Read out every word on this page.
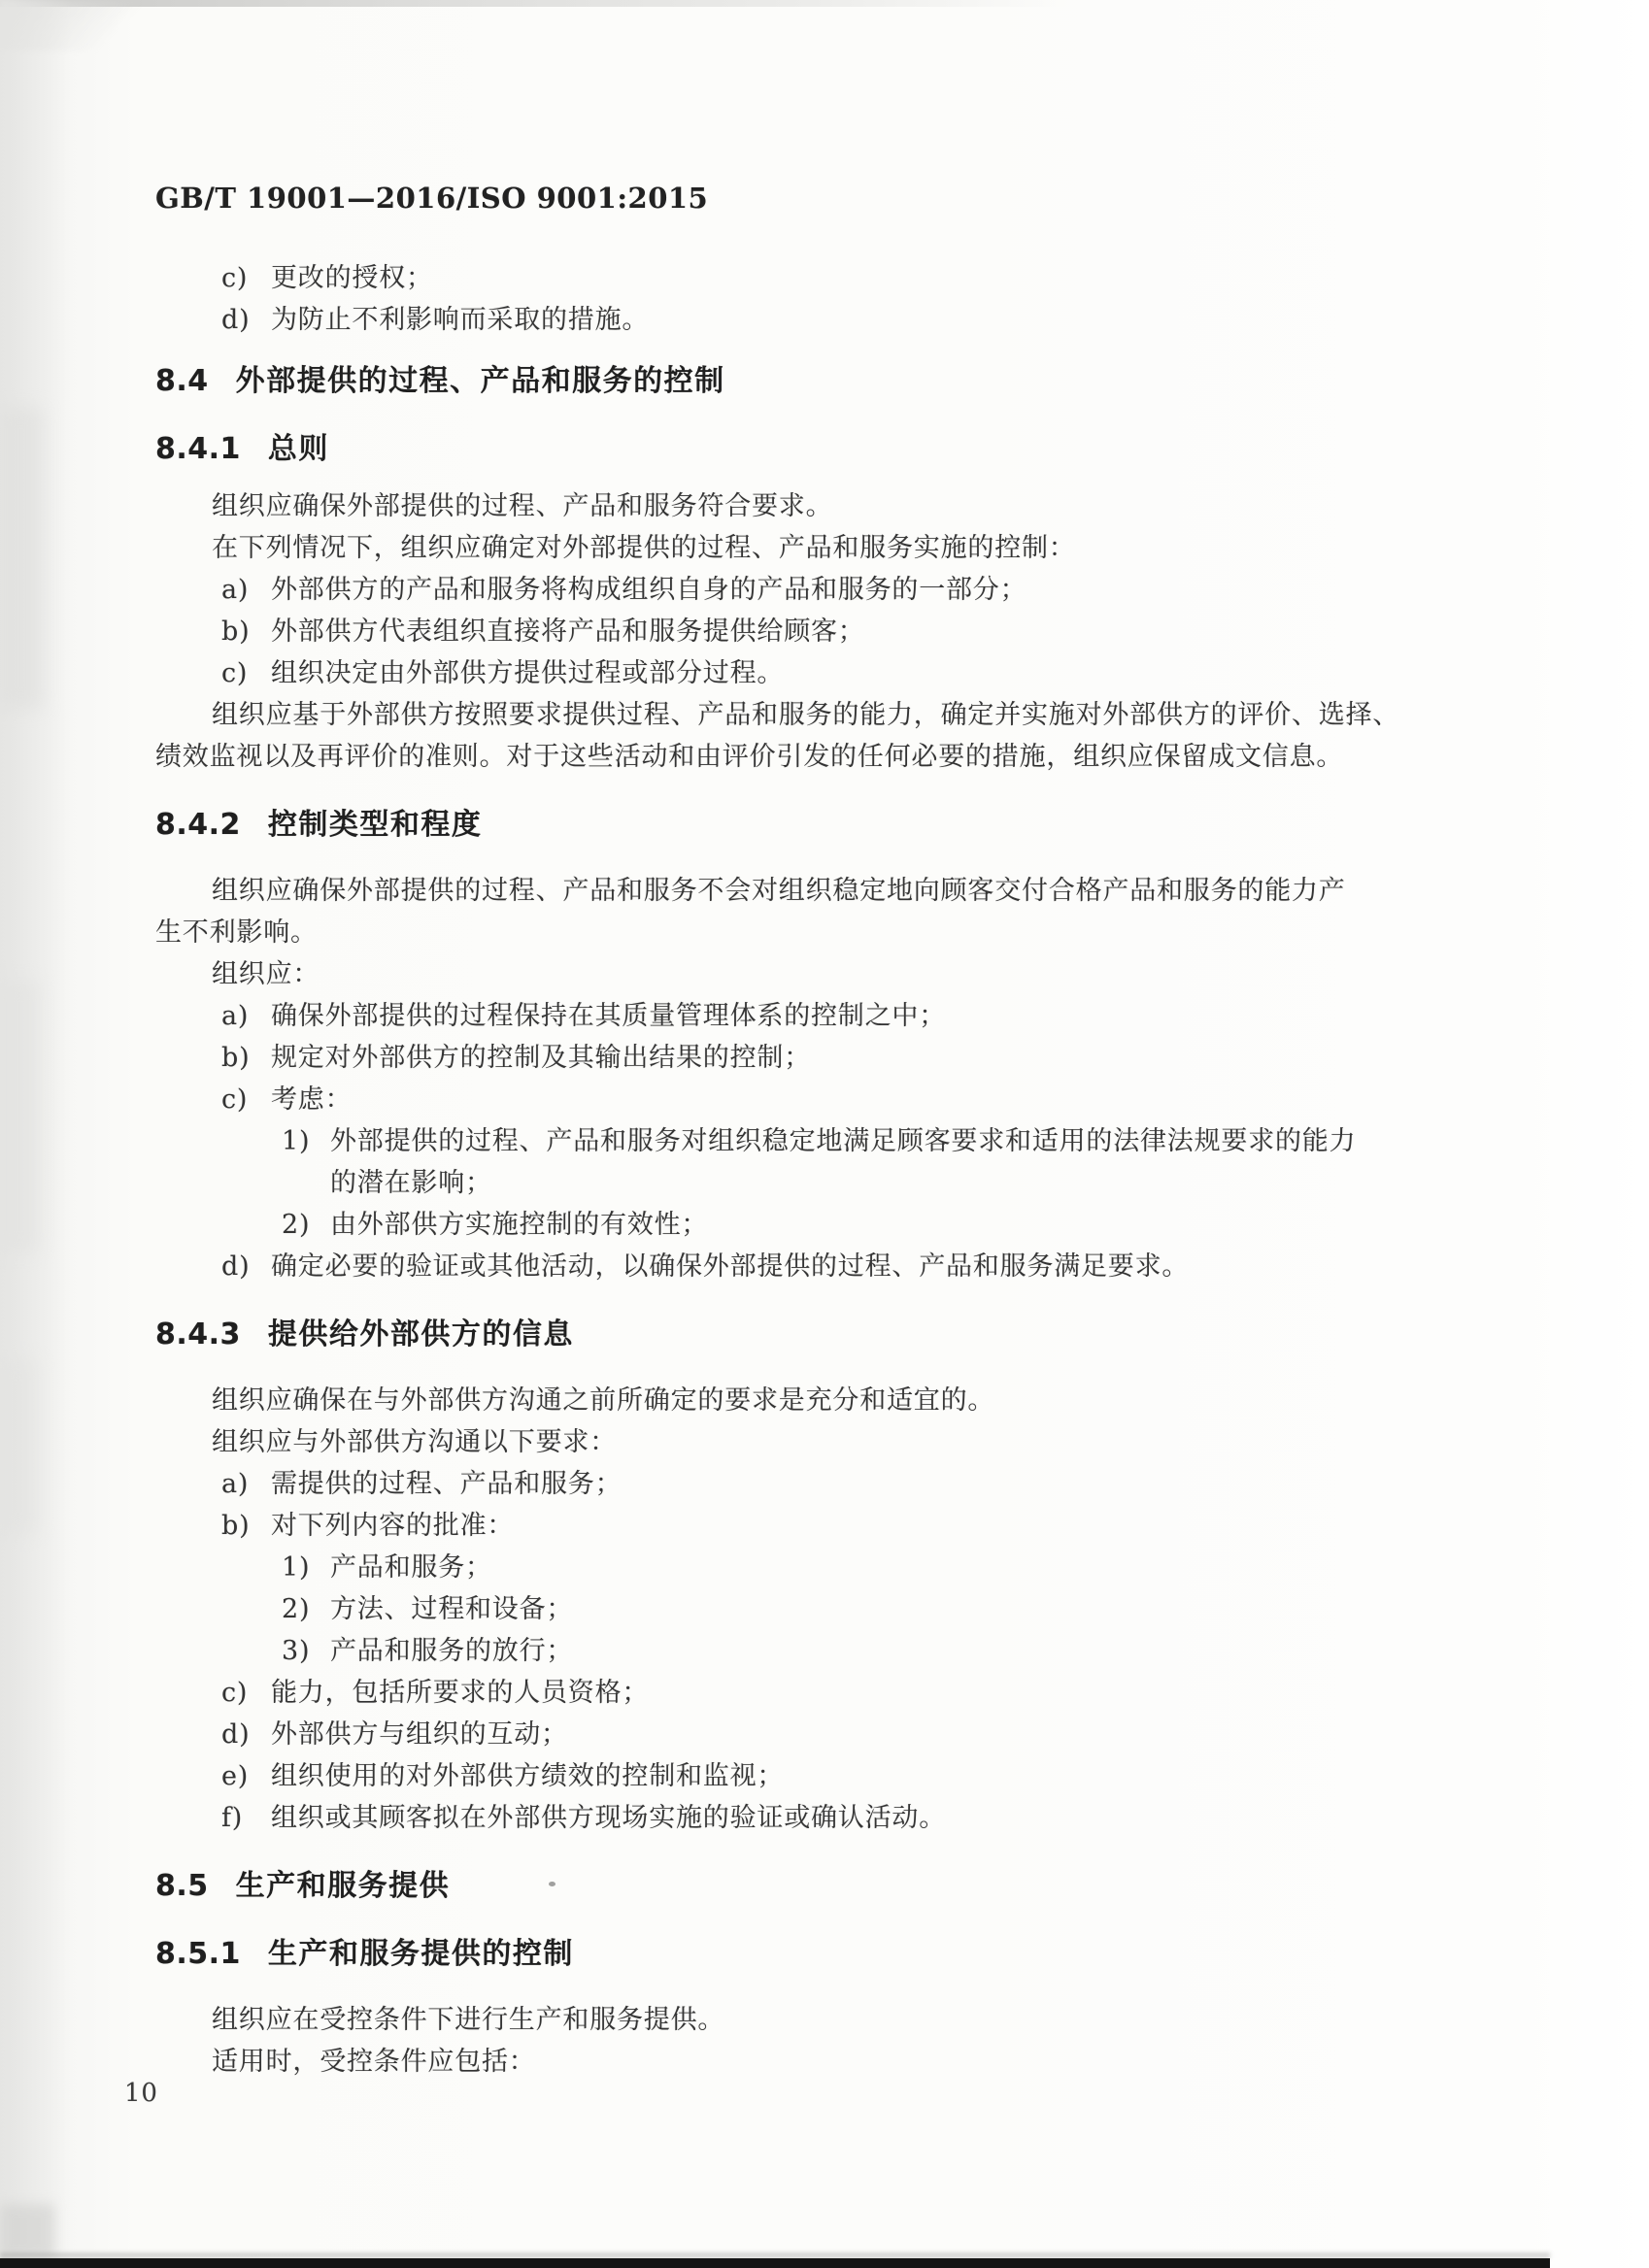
GB/T 19001—2016/ISO 9001:2015
c) 更改的授权；
d) 为防止不利影响而采取的措施。
8.4 外部提供的过程、产品和服务的控制
8.4.1 总则
组织应确保外部提供的过程、产品和服务符合要求。
在下列情况下，组织应确定对外部提供的过程、产品和服务实施的控制：
a) 外部供方的产品和服务将构成组织自身的产品和服务的一部分；
b) 外部供方代表组织直接将产品和服务提供给顾客；
c) 组织决定由外部供方提供过程或部分过程。
组织应基于外部供方按照要求提供过程、产品和服务的能力，确定并实施对外部供方的评价、选择、
绩效监视以及再评价的准则。对于这些活动和由评价引发的任何必要的措施，组织应保留成文信息。
8.4.2 控制类型和程度
组织应确保外部提供的过程、产品和服务不会对组织稳定地向顾客交付合格产品和服务的能力产
生不利影响。
组织应：
a) 确保外部提供的过程保持在其质量管理体系的控制之中；
b) 规定对外部供方的控制及其输出结果的控制；
c) 考虑：
1) 外部提供的过程、产品和服务对组织稳定地满足顾客要求和适用的法律法规要求的能力
的潜在影响；
2) 由外部供方实施控制的有效性；
d) 确定必要的验证或其他活动，以确保外部提供的过程、产品和服务满足要求。
8.4.3 提供给外部供方的信息
组织应确保在与外部供方沟通之前所确定的要求是充分和适宜的。
组织应与外部供方沟通以下要求：
a) 需提供的过程、产品和服务；
b) 对下列内容的批准：
1) 产品和服务；
2) 方法、过程和设备；
3) 产品和服务的放行；
c) 能力，包括所要求的人员资格；
d) 外部供方与组织的互动；
e) 组织使用的对外部供方绩效的控制和监视；
f)	组织或其顾客拟在外部供方现场实施的验证或确认活动。
8.5 生产和服务提供
8.5.1 生产和服务提供的控制
组织应在受控条件下进行生产和服务提供。
适用时，受控条件应包括：
10
